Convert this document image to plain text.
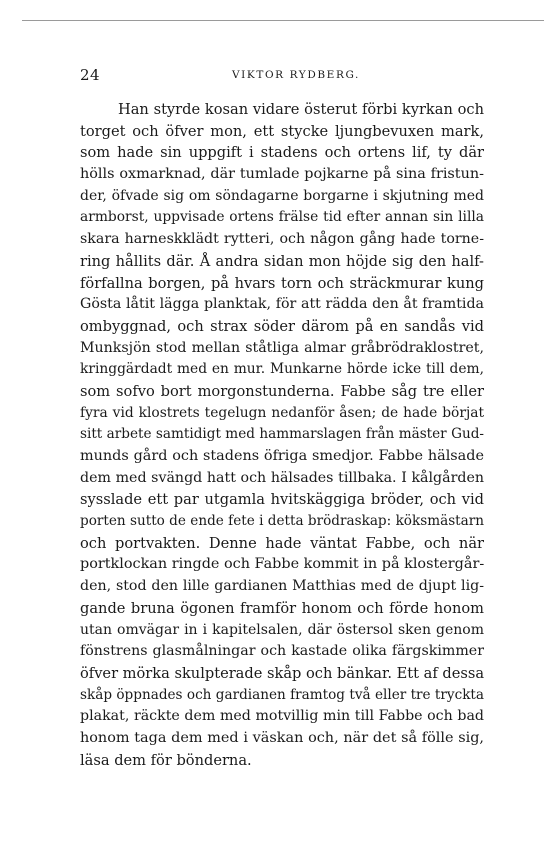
24	VIKTOR RYDBERG.
Han styrde kosan vidare österut förbi kyrkan och
torget och öfver mon, ett stycke ljungbevuxen mark,
som hade sin uppgift i stadens och ortens lif, ty där
hölls oxmarknad, där tumlade pojkarne på sina fristun-
der, öfvade sig om söndagarne borgarne i skjutning med
armborst, uppvisade ortens frälse tid efter annan sin lilla
skara harneskklädt rytteri, och någon gång hade torne-
ring hållits där. Å andra sidan mon höjde sig den half-
förfallna borgen, på hvars torn och sträckmurar kung
Gösta låtit lägga planktak, för att rädda den åt framtida
ombyggnad, och strax söder därom på en sandås vid
Munksjön stod mellan ståtliga almar gråbrödraklostret,
kringgärdadt med en mur. Munkarne hörde icke till dem,
som sofvo bort morgonstunderna. Fabbe såg tre eller
fyra vid klostrets tegelugn nedanför åsen; de hade börjat
sitt arbete samtidigt med hammarslagen från mäster Gud-
munds gård och stadens öfriga smedjor. Fabbe hälsade
dem med svängd hatt och hälsades tillbaka. I kålgården
sysslade ett par utgamla hvitskäggiga bröder, och vid
porten sutto de ende fete i detta brödraskap: köksmästarn
och portvakten. Denne hade väntat Fabbe, och när
portklockan ringde och Fabbe kommit in på klostergår-
den, stod den lille gardianen Matthias med de djupt lig-
gande bruna ögonen framför honom och förde honom
utan omvägar in i kapitelsalen, där östersol sken genom
fönstrens glasmålningar och kastade olika färgskimmer
öfver mörka skulpterade skåp och bänkar. Ett af dessa
skåp öppnades och gardianen framtog två eller tre tryckta
plakat, räckte dem med motvillig min till Fabbe och bad
honom taga dem med i väskan och, när det så fölle sig,
läsa dem för bönderna.
